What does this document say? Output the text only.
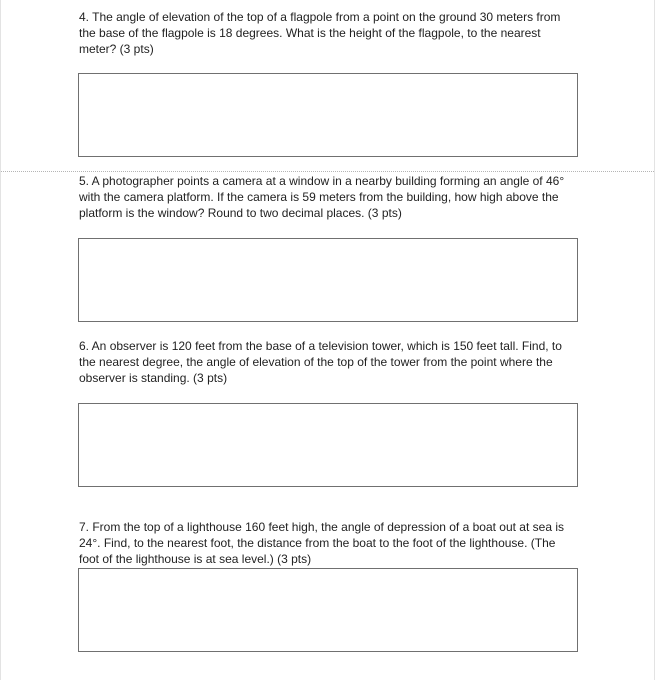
4. The angle of elevation of the top of a flagpole from a point on the ground 30 meters from the base of the flagpole is 18 degrees. What is the height of the flagpole, to the nearest meter? (3 pts)

5. A photographer points a camera at a window in a nearby building forming an angle of 46° with the camera platform. If the camera is 59 meters from the building, how high above the platform is the window? Round to two decimal places. (3 pts)

6. An observer is 120 feet from the base of a television tower, which is 150 feet tall. Find, to the nearest degree, the angle of elevation of the top of the tower from the point where the observer is standing. (3 pts)

7. From the top of a lighthouse 160 feet high, the angle of depression of a boat out at sea is 24°. Find, to the nearest foot, the distance from the boat to the foot of the lighthouse. (The foot of the lighthouse is at sea level.) (3 pts)
